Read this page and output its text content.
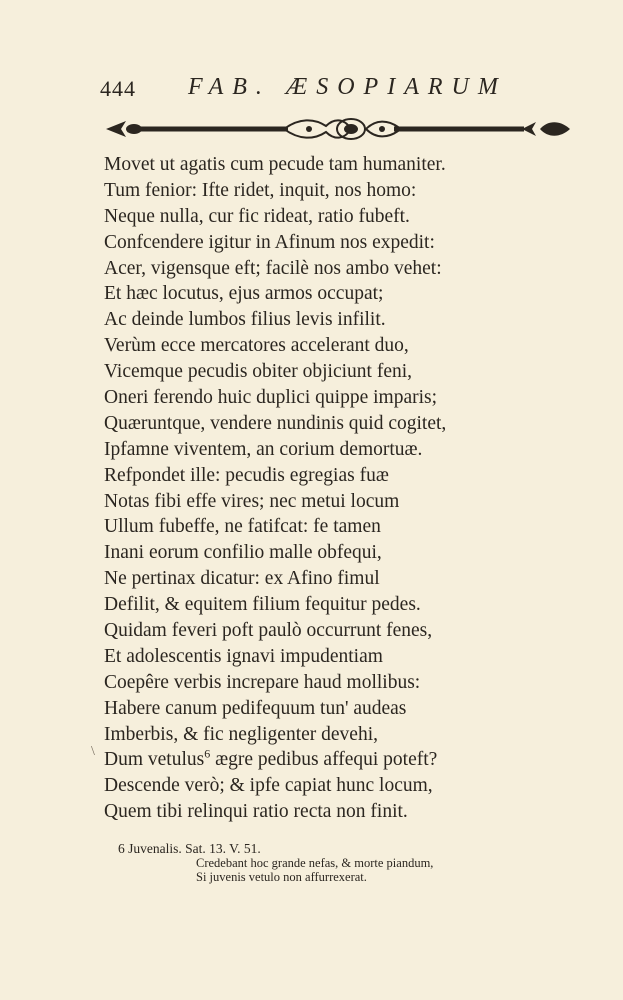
444 FAB. ÆSOPIARUM
Movet ut agatis cum pecude tam humaniter.
Tum fenior: Ifte ridet, inquit, nos homo:
Neque nulla, cur fic rideat, ratio fubeft.
Confcendere igitur in Afinum nos expedit:
Acer, vigensque eft; facilè nos ambo vehet:
Et hæc locutus, ejus armos occupat;
Ac deinde lumbos filius levis infilit.
Verùm ecce mercatores accelerant duo,
Vicemque pecudis obiter objiciunt feni,
Oneri ferendo huic duplici quippe imparis;
Quæruntque, vendere nundinis quid cogitet,
Ipfamne viventem, an corium demortuæ.
Refpondet ille: pecudis egregias fuæ
Notas fibi effe vires; nec metui locum
Ullum fubeffe, ne fatifcat: fe tamen
Inani eorum confilio malle obfequi,
Ne pertinax dicatur: ex Afino fimul
Defilit, & equitem filium fequitur pedes.
Quidam feveri poft paulò occurrunt fenes,
Et adolescentis ignavi impudentiam
Coepêre verbis increpare haud mollibus:
Habere canum pedifequum tun' audeas
Imberbis, & fic negligenter devehi,
Dum vetulus$^6$ ægre pedibus affequi poteft?
Descende verò; & ipfe capiat hunc locum,
Quem tibi relinqui ratio recta non finit.
\
6 Juvenalis. Sat. 13. V. 51.
Credebant hoc grande nefas, & morte piandum,
Si juvenis vetulo non affurrexerat.
